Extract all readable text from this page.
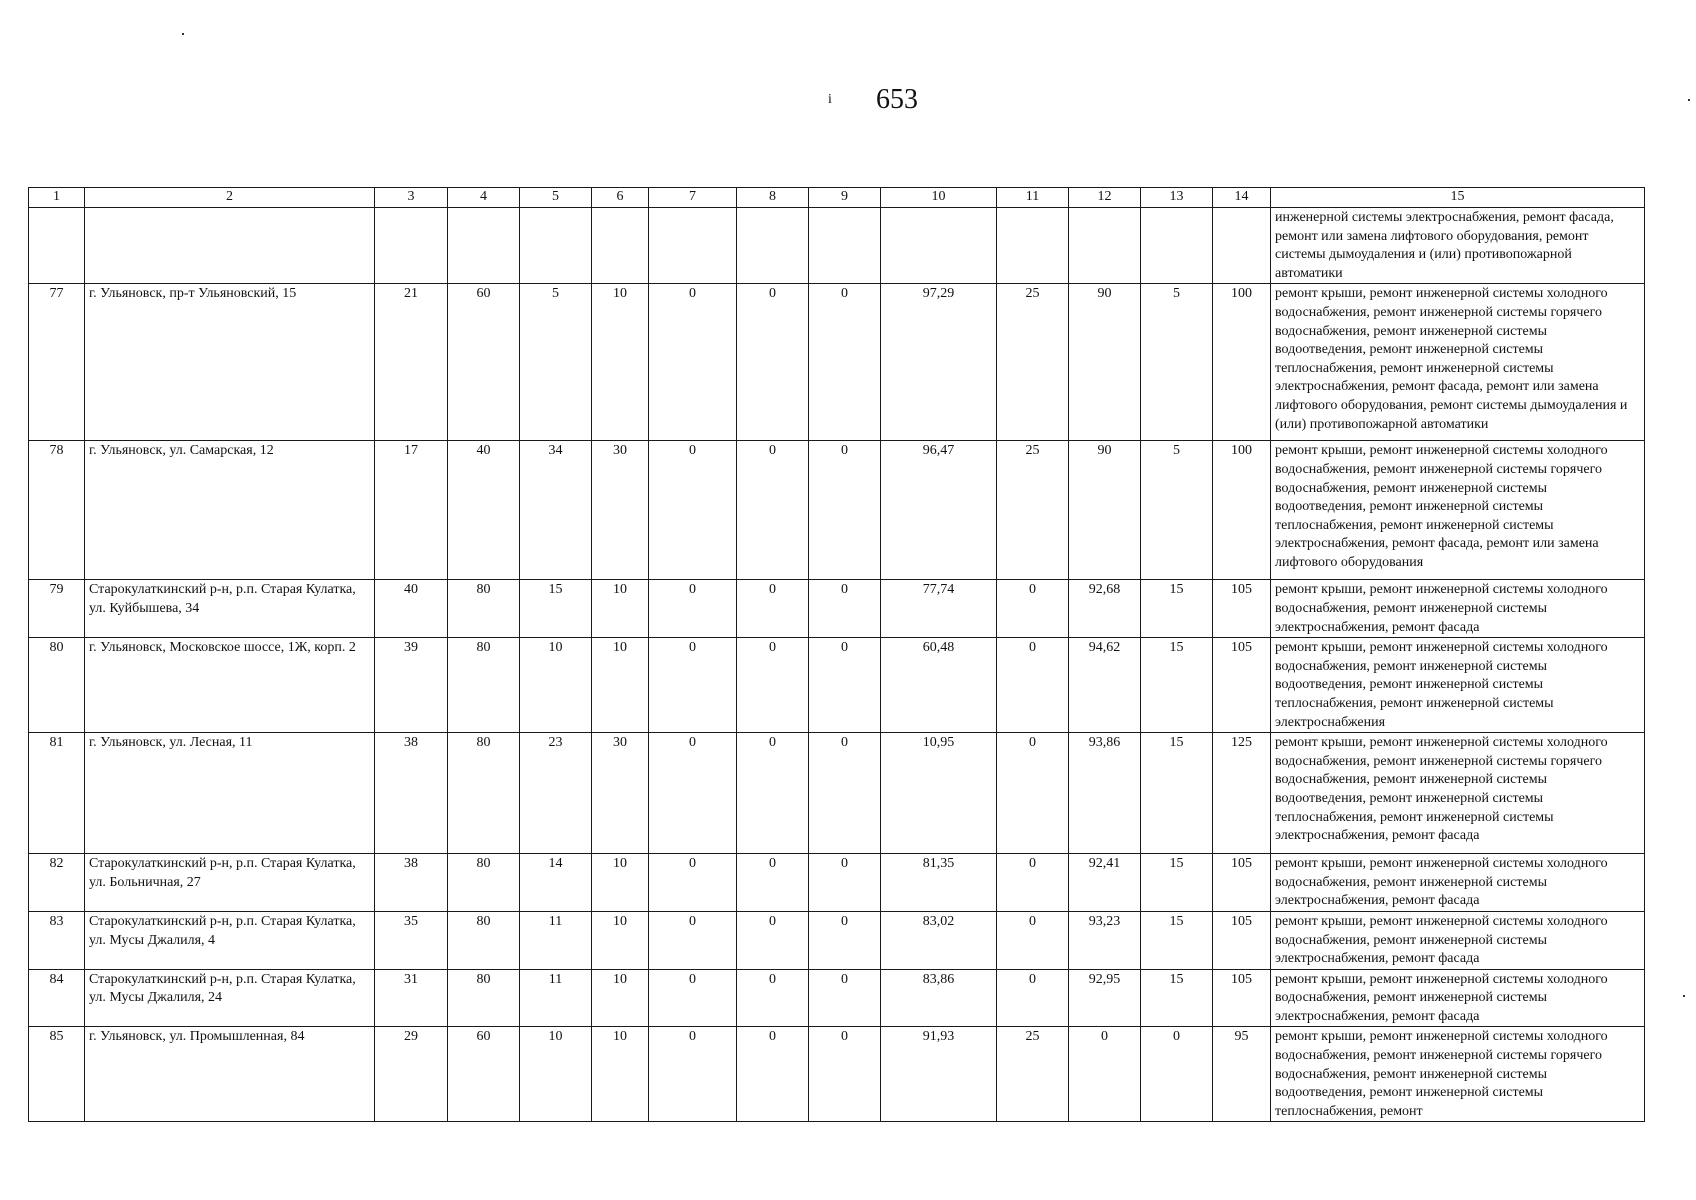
$^i$ 653
1	2	3	4	5	6	7	8	9	10	11	12	13	14	15
														инженерной системы электроснабжения, ремонт фасада, ремонт или замена лифтового оборудования, ремонт системы дымоудаления и (или) противопожарной автоматики
77	г. Ульяновск, пр-т Ульяновский, 15	21	60	5	10	0	0	0	97,29	25	90	5	100	ремонт крыши, ремонт инженерной системы холодного водоснабжения, ремонт инженерной системы горячего водоснабжения, ремонт инженерной системы водоотведения, ремонт инженерной системы теплоснабжения, ремонт инженерной системы электроснабжения, ремонт фасада, ремонт или замена лифтового оборудования, ремонт системы дымоудаления и (или) противопожарной автоматики
78	г. Ульяновск, ул. Самарская, 12	17	40	34	30	0	0	0	96,47	25	90	5	100	ремонт крыши, ремонт инженерной системы холодного водоснабжения, ремонт инженерной системы горячего водоснабжения, ремонт инженерной системы водоотведения, ремонт инженерной системы теплоснабжения, ремонт инженерной системы электроснабжения, ремонт фасада, ремонт или замена лифтового оборудования
79	Старокулаткинский р-н, р.п. Старая Кулатка, ул. Куйбышева, 34	40	80	15	10	0	0	0	77,74	0	92,68	15	105	ремонт крыши, ремонт инженерной системы холодного водоснабжения, ремонт инженерной системы электроснабжения, ремонт фасада
80	г. Ульяновск, Московское шоссе, 1Ж, корп. 2	39	80	10	10	0	0	0	60,48	0	94,62	15	105	ремонт крыши, ремонт инженерной системы холодного водоснабжения, ремонт инженерной системы водоотведения, ремонт инженерной системы теплоснабжения, ремонт инженерной системы электроснабжения
81	г. Ульяновск, ул. Лесная, 11	38	80	23	30	0	0	0	10,95	0	93,86	15	125	ремонт крыши, ремонт инженерной системы холодного водоснабжения, ремонт инженерной системы горячего водоснабжения, ремонт инженерной системы водоотведения, ремонт инженерной системы теплоснабжения, ремонт инженерной системы электроснабжения, ремонт фасада
82	Старокулаткинский р-н, р.п. Старая Кулатка, ул. Больничная, 27	38	80	14	10	0	0	0	81,35	0	92,41	15	105	ремонт крыши, ремонт инженерной системы холодного водоснабжения, ремонт инженерной системы электроснабжения, ремонт фасада
83	Старокулаткинский р-н, р.п. Старая Кулатка, ул. Мусы Джалиля, 4	35	80	11	10	0	0	0	83,02	0	93,23	15	105	ремонт крыши, ремонт инженерной системы холодного водоснабжения, ремонт инженерной системы электроснабжения, ремонт фасада
84	Старокулаткинский р-н, р.п. Старая Кулатка, ул. Мусы Джалиля, 24	31	80	11	10	0	0	0	83,86	0	92,95	15	105	ремонт крыши, ремонт инженерной системы холодного водоснабжения, ремонт инженерной системы электроснабжения, ремонт фасада
85	г. Ульяновск, ул. Промышленная, 84	29	60	10	10	0	0	0	91,93	25	0	0	95	ремонт крыши, ремонт инженерной системы холодного водоснабжения, ремонт инженерной системы горячего водоснабжения, ремонт инженерной системы водоотведения, ремонт инженерной системы теплоснабжения, ремонт
